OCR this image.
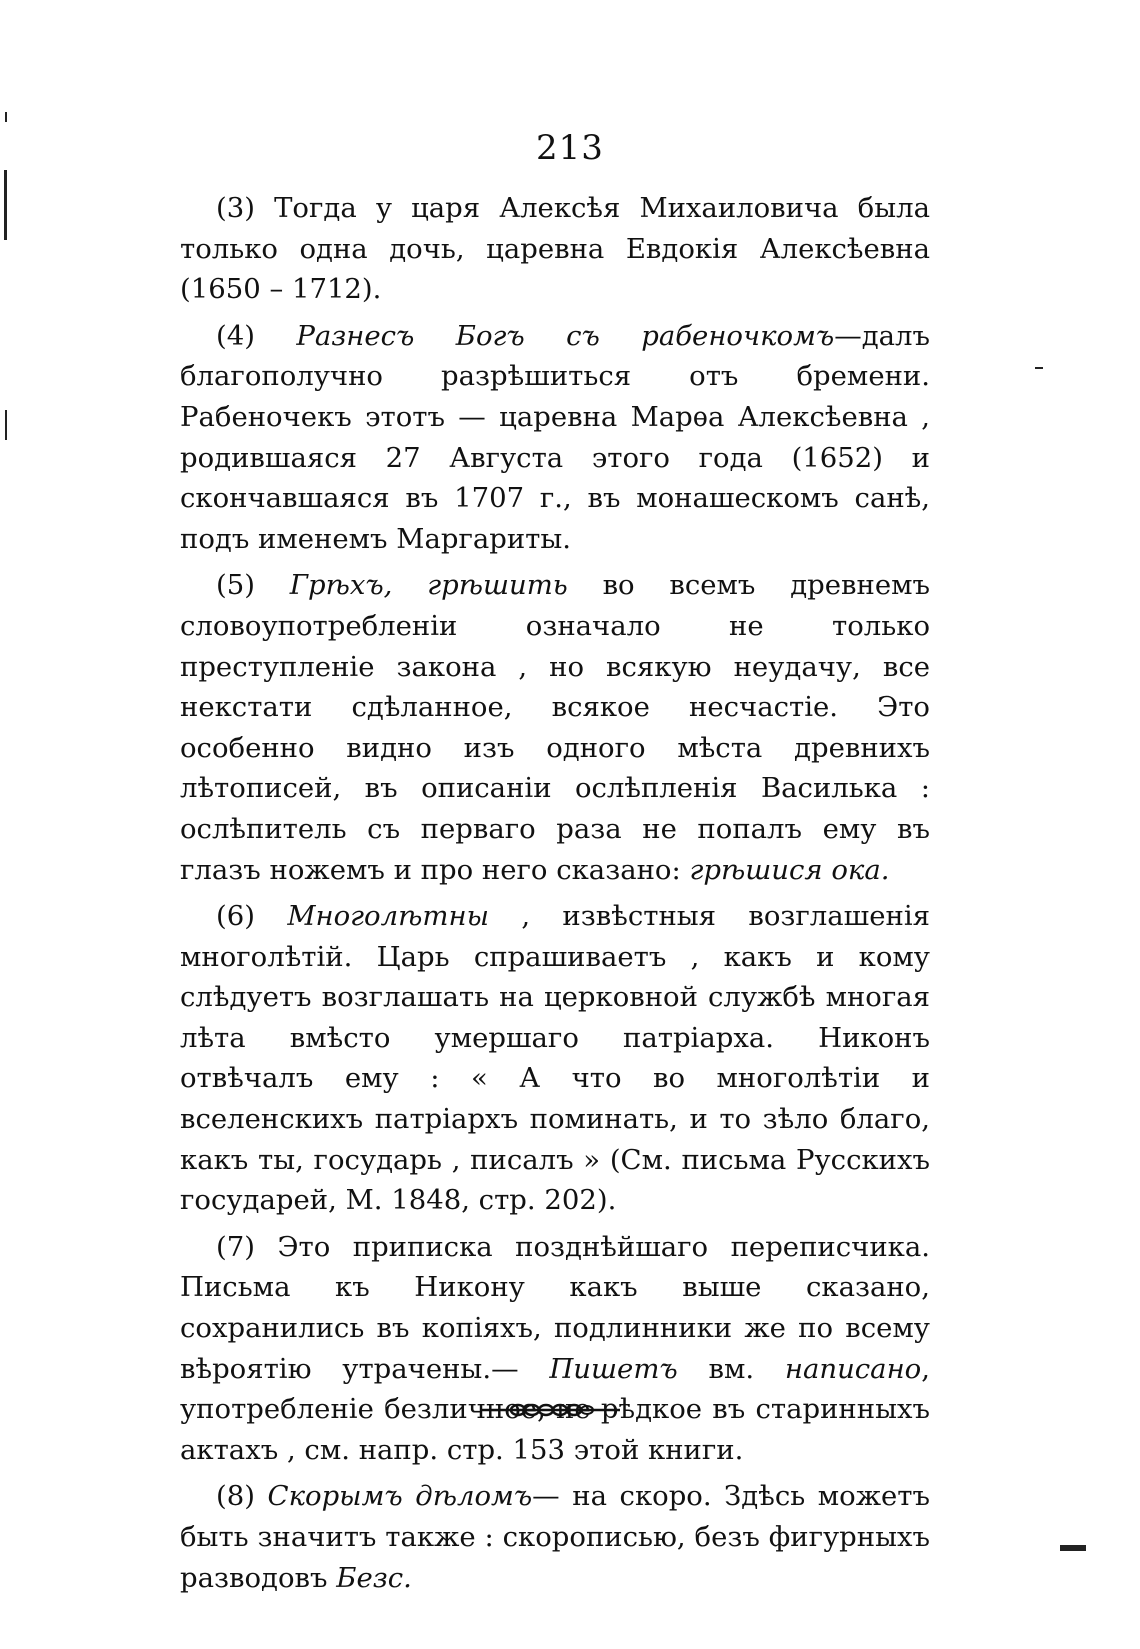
213

(3) Тогда у царя Алексѣя Михаиловича была только одна дочь, царевна Евдокія Алексѣевна (1650 – 1712).

(4) Разнесъ Богъ съ рабеночкомъ—далъ благополучно разрѣшиться отъ бремени. Рабеночекъ этотъ — царевна Марѳа Алексѣевна , родившаяся 27 Августа этого года (1652) и скончавшаяся въ 1707 г., въ монашескомъ санѣ, подъ именемъ Маргариты.

(5) Грѣхъ, грѣшить во всемъ древнемъ словоупотребленіи означало не только преступленіе закона , но всякую неудачу, все некстати сдѣланное, всякое несчастіе. Это особенно видно изъ одного мѣста древнихъ лѣтописей, въ описаніи ослѣпленія Василька : ослѣпитель съ перваго раза не попалъ ему въ глазъ ножемъ и про него сказано: грѣшися ока.

(6) Многолѣтны , извѣстныя возглашенія многолѣтій. Царь спрашиваетъ , какъ и кому слѣдуетъ возглашать на церковной службѣ многая лѣта вмѣсто умершаго патріарха. Никонъ отвѣчалъ ему : « А что во многолѣтіи и вселенскихъ патріархъ поминать, и то зѣло благо, какъ ты, государь , писалъ » (См. письма Русскихъ государей, М. 1848, стр. 202).

(7) Это приписка позднѣйшаго переписчика. Письма къ Никону какъ выше сказано, сохранились въ копіяхъ, подлинники же по всему вѣроятію утрачены.— Пишетъ вм. написано, употребленіе безличное, не рѣдкое въ старинныхъ актахъ , см. напр. стр. 153 этой книги.

(8) Скорымъ дѣломъ— на скоро. Здѣсь можетъ быть значитъ также : скорописью, безъ фигурныхъ разводовъ Безс.
